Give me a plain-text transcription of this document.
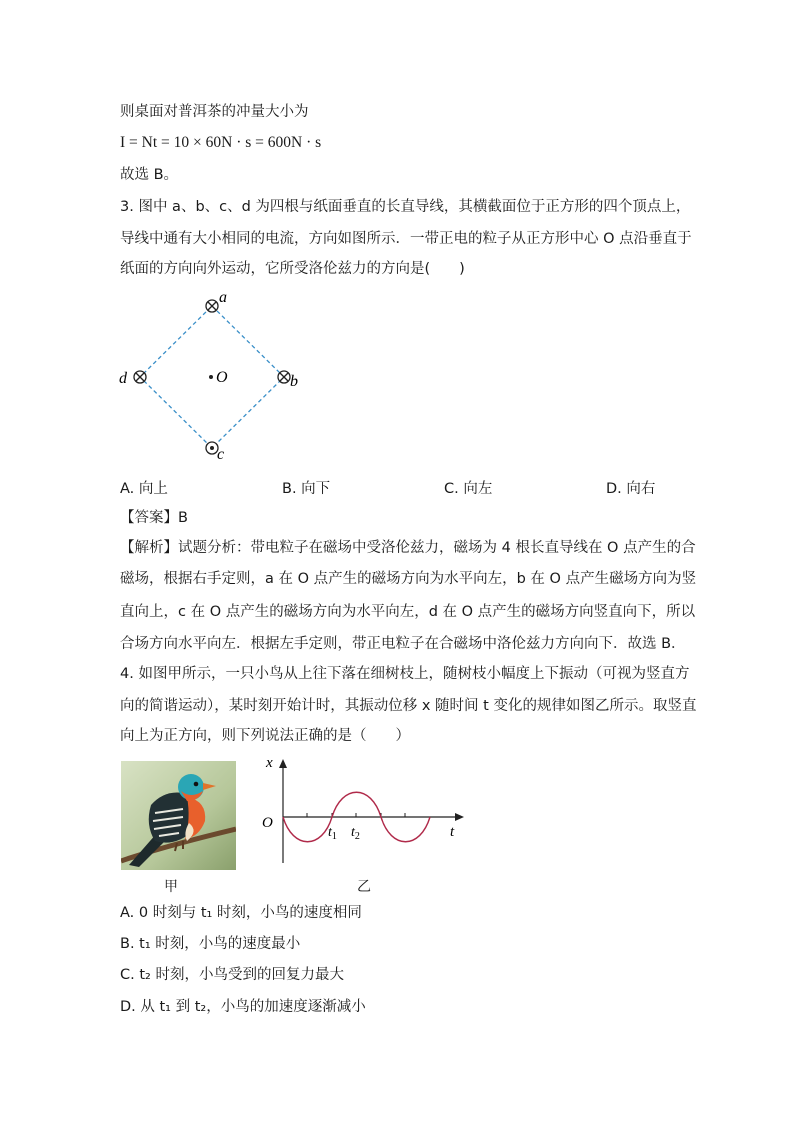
则桌面对普洱茶的冲量大小为
I = Nt = 10 × 60N · s = 600N · s
故选 B。
3. 图中 a、b、c、d 为四根与纸面垂直的长直导线，其横截面位于正方形的四个顶点上，
导线中通有大小相同的电流，方向如图所示．一带正电的粒子从正方形中心 O 点沿垂直于
纸面的方向向外运动，它所受洛伦兹力的方向是(　　)
a
b
c
d	O
A. 向上	B. 向下	C. 向左	D. 向右
【答案】B
【解析】试题分析：带电粒子在磁场中受洛伦兹力，磁场为 4 根长直导线在 O 点产生的合
磁场，根据右手定则，a 在 O 点产生的磁场方向为水平向左，b 在 O 点产生磁场方向为竖
直向上，c 在 O 点产生的磁场方向为水平向左，d 在 O 点产生的磁场方向竖直向下，所以
合场方向水平向左．根据左手定则，带正电粒子在合磁场中洛伦兹力方向向下．故选 B．
4. 如图甲所示，一只小鸟从上往下落在细树枝上，随树枝小幅度上下振动（可视为竖直方
向的简谐运动），某时刻开始计时，其振动位移 x 随时间 t 变化的规律如图乙所示。取竖直
向上为正方向，则下列说法正确的是（　　）
x
t
O
$t_1$ $t_2$
甲	乙
A. 0 时刻与 t₁ 时刻，小鸟的速度相同
B. t₁ 时刻，小鸟的速度最小
C. t₂ 时刻，小鸟受到的回复力最大
D. 从 t₁ 到 t₂，小鸟的加速度逐渐减小
